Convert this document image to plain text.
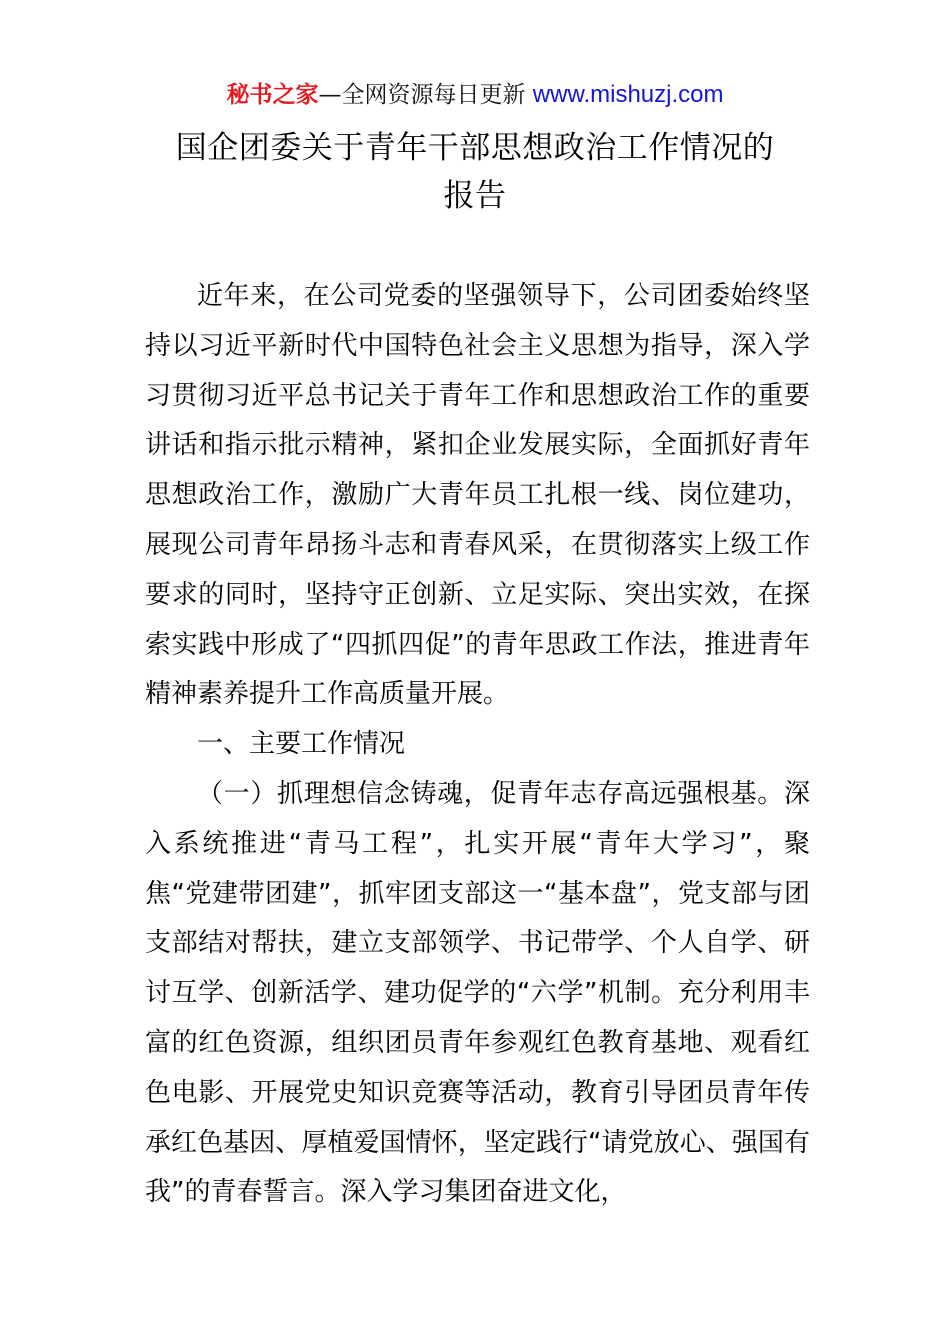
秘书之家—全网资源每日更新 www.mishuzj.com
国企团委关于青年干部思想政治工作情况的
报告

近年来，在公司党委的坚强领导下，公司团委始终坚持以习近平新时代中国特色社会主义思想为指导，深入学习贯彻习近平总书记关于青年工作和思想政治工作的重要讲话和指示批示精神，紧扣企业发展实际，全面抓好青年思想政治工作，激励广大青年员工扎根一线、岗位建功，展现公司青年昂扬斗志和青春风采，在贯彻落实上级工作要求的同时，坚持守正创新、立足实际、突出实效，在探索实践中形成了“四抓四促”的青年思政工作法，推进青年精神素养提升工作高质量开展。

一、主要工作情况

（一）抓理想信念铸魂，促青年志存高远强根基。深入系统推进“青马工程”，扎实开展“青年大学习”，聚焦“党建带团建”，抓牢团支部这一“基本盘”，党支部与团支部结对帮扶，建立支部领学、书记带学、个人自学、研讨互学、创新活学、建功促学的“六学”机制。充分利用丰富的红色资源，组织团员青年参观红色教育基地、观看红色电影、开展党史知识竞赛等活动，教育引导团员青年传承红色基因、厚植爱国情怀，坚定践行“请党放心、强国有我”的青春誓言。深入学习集团奋进文化，
